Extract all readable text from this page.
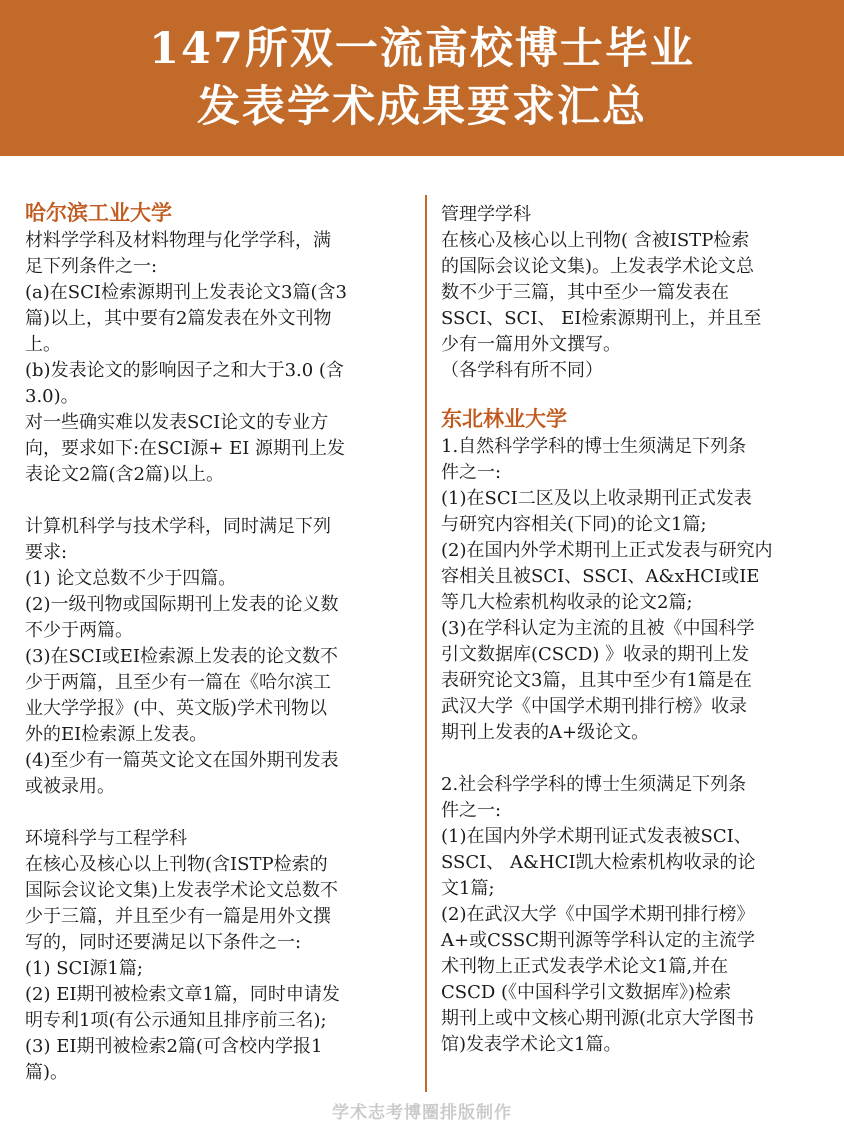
147所双一流高校博士毕业
发表学术成果要求汇总
哈尔滨工业大学
材料学学科及材料物理与化学学科，满
足下列条件之一:
(a)在SCI检索源期刊上发表论文3篇(含3
篇)以上，其中要有2篇发表在外文刊物
上。
(b)发表论文的影响因子之和大于3.0 (含
3.0)。
对一些确实难以发表SCI论文的专业方
向，要求如下:在SCI源+ EI 源期刊上发
表论文2篇(含2篇)以上。
计算机科学与技术学科，同时满足下列
要求:
(1) 论文总数不少于四篇。
(2)一级刊物或国际期刊上发表的论义数
不少于两篇。
(3)在SCI或EI检索源上发表的论文数不
少于两篇，且至少有一篇在《哈尔滨工
业大学学报》(中、英文版)学术刊物以
外的EI检索源上发表。
(4)至少有一篇英文论文在国外期刊发表
或被录用。
环境科学与工程学科
在核心及核心以上刊物(含ISTP检索的
国际会议论文集)上发表学术论文总数不
少于三篇，并且至少有一篇是用外文撰
写的，同时还要满足以下条件之一:
(1) SCI源1篇;
(2) EI期刊被检索文章1篇，同时申请发
明专利1项(有公示通知且排序前三名);
(3) EI期刊被检索2篇(可含校内学报1
篇)。
管理学学科
在核心及核心以上刊物( 含被ISTP检索
的国际会议论文集)。上发表学术论文总
数不少于三篇，其中至少一篇发表在
SSCI、SCI、 EI检索源期刊上，并且至
少有一篇用外文撰写。
（各学科有所不同）
东北林业大学
1.自然科学学科的博士生须满足下列条
件之一:
(1)在SCI二区及以上收录期刊正式发表
与研究内容相关(下同)的论文1篇;
(2)在国内外学术期刊上正式发表与研究内
容相关且被SCI、SSCI、A&xHCI或IE
等几大检索机构收录的论文2篇;
(3)在学科认定为主流的且被《中国科学
引文数据库(CSCD) 》收录的期刊上发
表研究论文3篇，且其中至少有1篇是在
武汉大学《中国学术期刊排行榜》收录
期刊上发表的A+级论文。
2.社会科学学科的博士生须满足下列条
件之一:
(1)在国内外学术期刊证式发表被SCI、
SSCI、 A&HCI凯大检索机构收录的论
文1篇;
(2)在武汉大学《中国学术期刊排行榜》
A+或CSSC期刊源等学科认定的主流学
术刊物上正式发表学术论文1篇,并在
CSCD (《中国科学引文数据库》)检索
期刊上或中文核心期刊源(北京大学图书
馆)发表学术论文1篇。
学术志考博圈排版制作
